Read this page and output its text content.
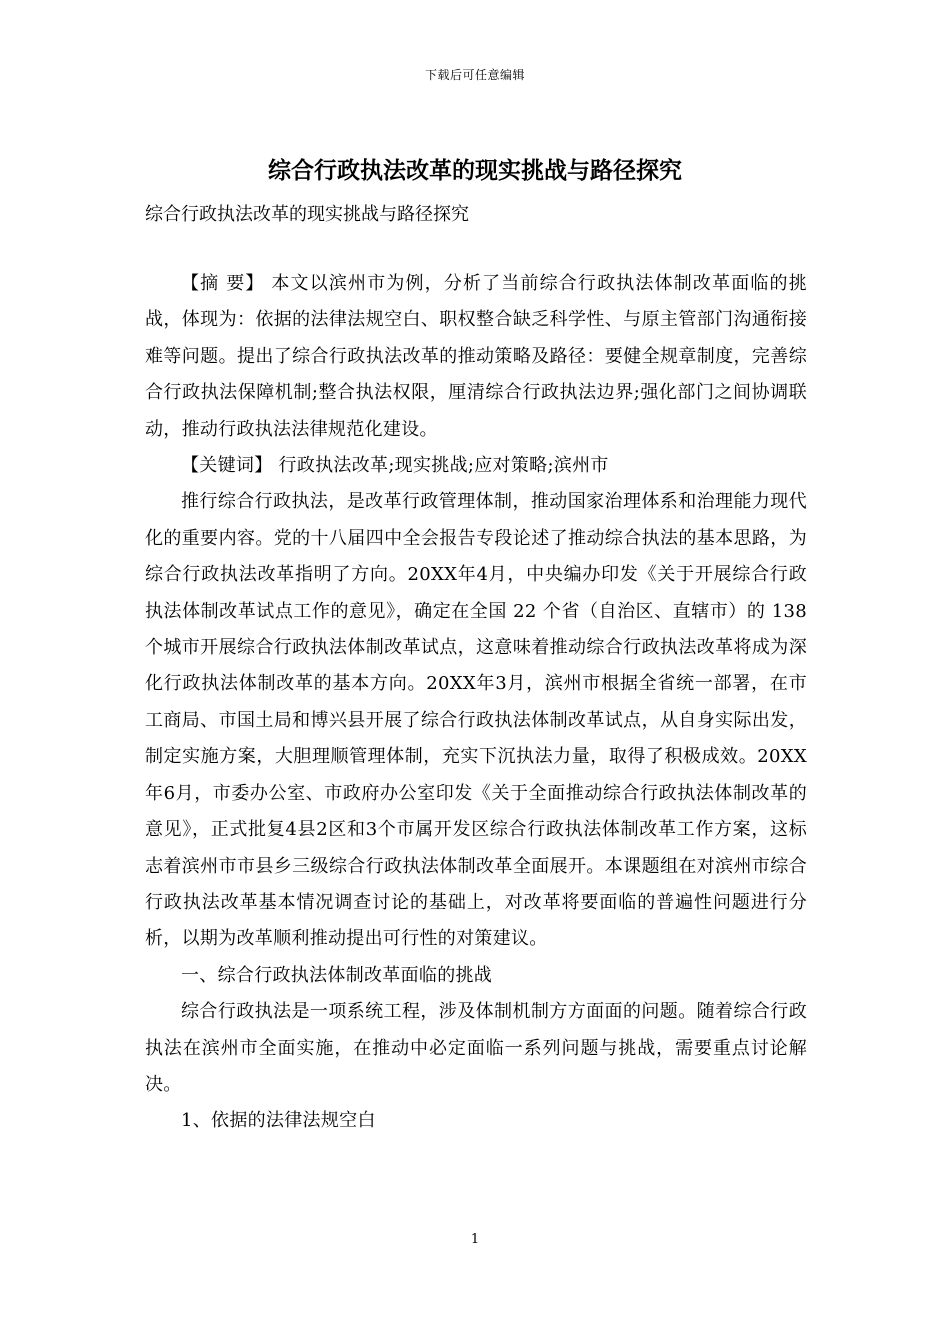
下载后可任意编辑
综合行政执法改革的现实挑战与路径探究

综合行政执法改革的现实挑战与路径探究

【摘 要】 本文以滨州市为例，分析了当前综合行政执法体制改革面临的挑战，体现为：依据的法律法规空白、职权整合缺乏科学性、与原主管部门沟通衔接难等问题。提出了综合行政执法改革的推动策略及路径：要健全规章制度，完善综合行政执法保障机制;整合执法权限，厘清综合行政执法边界;强化部门之间协调联动，推动行政执法法律规范化建设。

【关键词】 行政执法改革;现实挑战;应对策略;滨州市

推行综合行政执法，是改革行政管理体制，推动国家治理体系和治理能力现代化的重要内容。党的十八届四中全会报告专段论述了推动综合执法的基本思路，为综合行政执法改革指明了方向。20XX年4月，中央编办印发《关于开展综合行政执法体制改革试点工作的意见》，确定在全国 22 个省（自治区、直辖市）的 138 个城市开展综合行政执法体制改革试点，这意味着推动综合行政执法改革将成为深化行政执法体制改革的基本方向。20XX年3月，滨州市根据全省统一部署，在市工商局、市国土局和博兴县开展了综合行政执法体制改革试点，从自身实际出发，制定实施方案，大胆理顺管理体制，充实下沉执法力量，取得了积极成效。20XX年6月，市委办公室、市政府办公室印发《关于全面推动综合行政执法体制改革的意见》，正式批复4县2区和3个市属开发区综合行政执法体制改革工作方案，这标志着滨州市市县乡三级综合行政执法体制改革全面展开。本课题组在对滨州市综合行政执法改革基本情况调查讨论的基础上，对改革将要面临的普遍性问题进行分析，以期为改革顺利推动提出可行性的对策建议。

一、综合行政执法体制改革面临的挑战

综合行政执法是一项系统工程，涉及体制机制方方面面的问题。随着综合行政执法在滨州市全面实施，在推动中必定面临一系列问题与挑战，需要重点讨论解决。

1、依据的法律法规空白

1
